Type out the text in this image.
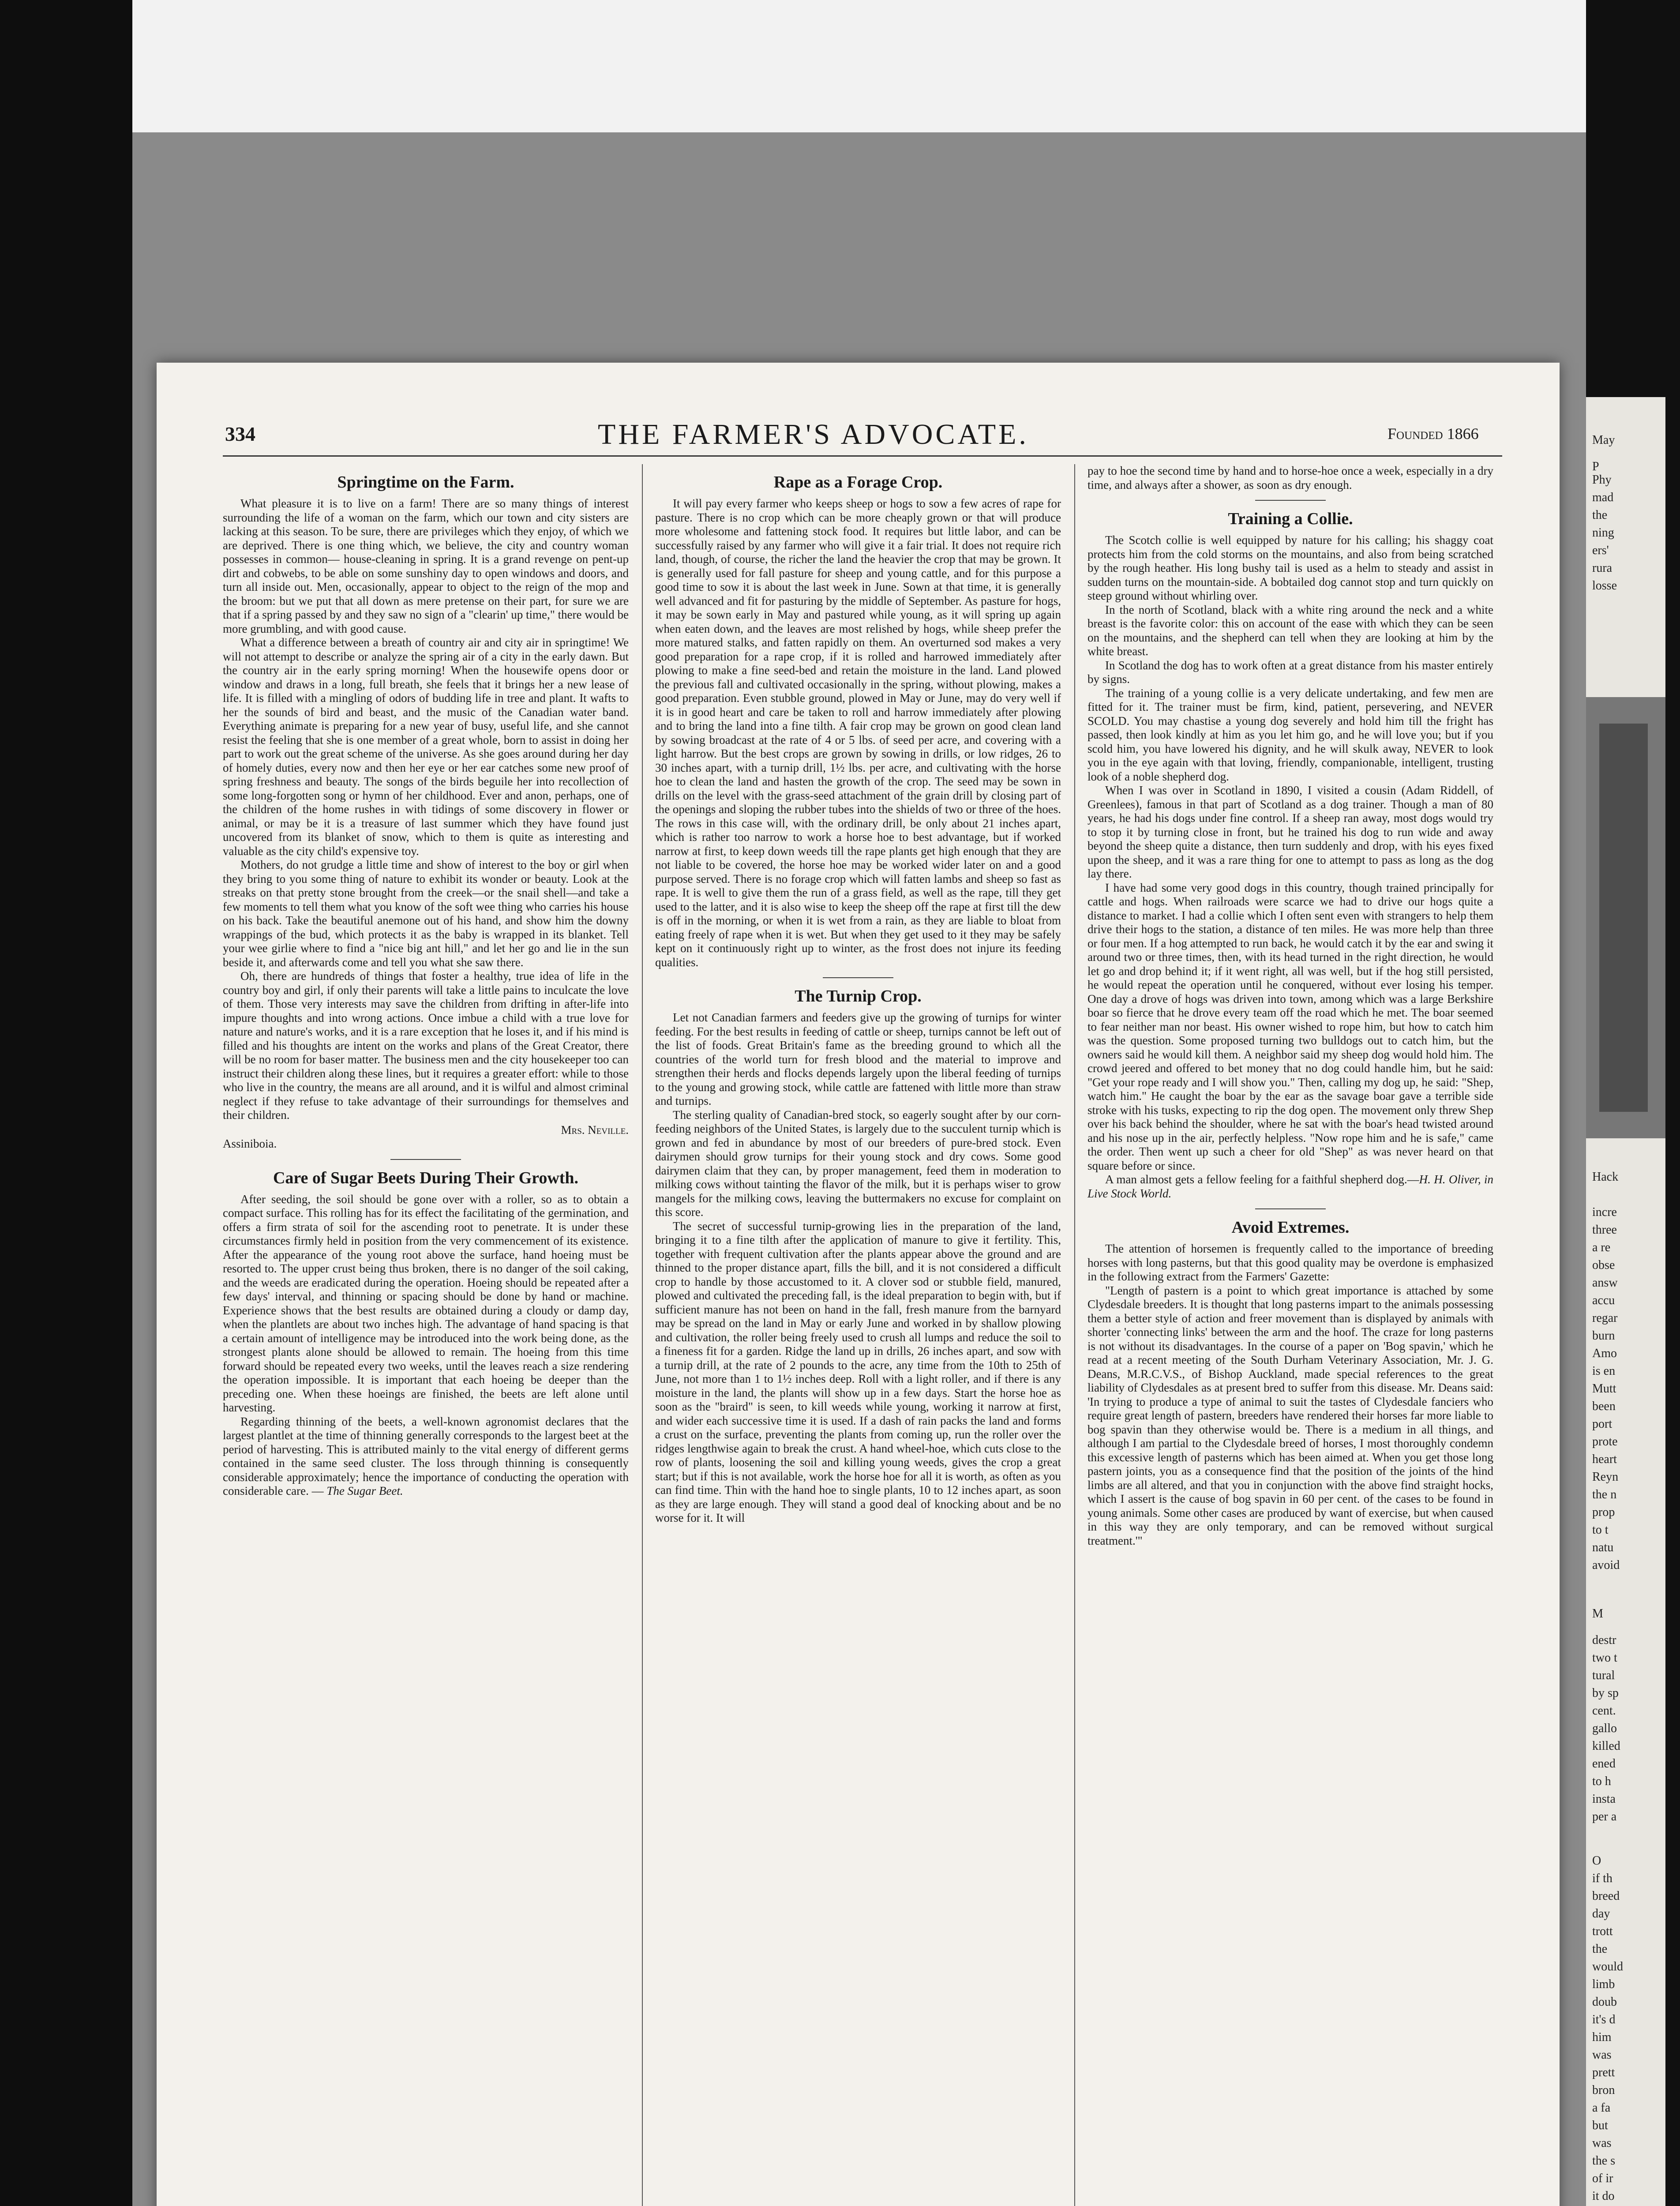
May
P
Phy
mad
the
ning
ers'
rura
losse
Hack
incre
three
a re
obse
answ
accu
regar
burn
Amo
is en
Mutt
been
port
prote
heart
Reyn
the n
prop
to t
natu
avoid
M
destr
two t
tural
by sp
cent.
gallo
killed
ened
to h
insta
per a
O
if th
breed
day
trott
the
would
limb
doub
it's d
him
was
prett
bron
a fa
but
was
the s
of ir
it do
334	THE FARMER'S ADVOCATE.	Founded 1866
Springtime on the Farm.

What pleasure it is to live on a farm! There are so many things of interest surrounding the life of a woman on the farm, which our town and city sisters are lacking at this season. To be sure, there are privileges which they enjoy, of which we are deprived. There is one thing which, we believe, the city and country woman possesses in common— house-cleaning in spring. It is a grand revenge on pent-up dirt and cobwebs, to be able on some sunshiny day to open windows and doors, and turn all inside out. Men, occasionally, appear to object to the reign of the mop and the broom: but we put that all down as mere pretense on their part, for sure we are that if a spring passed by and they saw no sign of a "clearin' up time," there would be more grumbling, and with good cause.

What a difference between a breath of country air and city air in springtime! We will not attempt to describe or analyze the spring air of a city in the early dawn. But the country air in the early spring morning! When the housewife opens door or window and draws in a long, full breath, she feels that it brings her a new lease of life. It is filled with a mingling of odors of budding life in tree and plant. It wafts to her the sounds of bird and beast, and the music of the Canadian water band. Everything animate is preparing for a new year of busy, useful life, and she cannot resist the feeling that she is one member of a great whole, born to assist in doing her part to work out the great scheme of the universe. As she goes around during her day of homely duties, every now and then her eye or her ear catches some new proof of spring freshness and beauty. The songs of the birds beguile her into recollection of some long-forgotten song or hymn of her childhood. Ever and anon, perhaps, one of the children of the home rushes in with tidings of some discovery in flower or animal, or may be it is a treasure of last summer which they have found just uncovered from its blanket of snow, which to them is quite as interesting and valuable as the city child's expensive toy.

Mothers, do not grudge a little time and show of interest to the boy or girl when they bring to you some thing of nature to exhibit its wonder or beauty. Look at the streaks on that pretty stone brought from the creek—or the snail shell—and take a few moments to tell them what you know of the soft wee thing who carries his house on his back. Take the beautiful anemone out of his hand, and show him the downy wrappings of the bud, which protects it as the baby is wrapped in its blanket. Tell your wee girlie where to find a "nice big ant hill," and let her go and lie in the sun beside it, and afterwards come and tell you what she saw there.

Oh, there are hundreds of things that foster a healthy, true idea of life in the country boy and girl, if only their parents will take a little pains to inculcate the love of them. Those very interests may save the children from drifting in after-life into impure thoughts and into wrong actions. Once imbue a child with a true love for nature and nature's works, and it is a rare exception that he loses it, and if his mind is filled and his thoughts are intent on the works and plans of the Great Creator, there will be no room for baser matter. The business men and the city housekeeper too can instruct their children along these lines, but it requires a greater effort: while to those who live in the country, the means are all around, and it is wilful and almost criminal neglect if they refuse to take advantage of their surroundings for themselves and their children.

Mrs. Neville.
Assiniboia.
Care of Sugar Beets During Their Growth.

After seeding, the soil should be gone over with a roller, so as to obtain a compact surface. This rolling has for its effect the facilitating of the germination, and offers a firm strata of soil for the ascending root to penetrate. It is under these circumstances firmly held in position from the very commencement of its existence. After the appearance of the young root above the surface, hand hoeing must be resorted to. The upper crust being thus broken, there is no danger of the soil caking, and the weeds are eradicated during the operation. Hoeing should be repeated after a few days' interval, and thinning or spacing should be done by hand or machine. Experience shows that the best results are obtained during a cloudy or damp day, when the plantlets are about two inches high. The advantage of hand spacing is that a certain amount of intelligence may be introduced into the work being done, as the strongest plants alone should be allowed to remain. The hoeing from this time forward should be repeated every two weeks, until the leaves reach a size rendering the operation impossible. It is important that each hoeing be deeper than the preceding one. When these hoeings are finished, the beets are left alone until harvesting.

Regarding thinning of the beets, a well-known agronomist declares that the largest plantlet at the time of thinning generally corresponds to the largest beet at the period of harvesting. This is attributed mainly to the vital energy of different germs contained in the same seed cluster. The loss through thinning is consequently considerable approximately; hence the importance of conducting the operation with considerable care. — The Sugar Beet.

Rape as a Forage Crop.

It will pay every farmer who keeps sheep or hogs to sow a few acres of rape for pasture. There is no crop which can be more cheaply grown or that will produce more wholesome and fattening stock food. It requires but little labor, and can be successfully raised by any farmer who will give it a fair trial. It does not require rich land, though, of course, the richer the land the heavier the crop that may be grown. It is generally used for fall pasture for sheep and young cattle, and for this purpose a good time to sow it is about the last week in June. Sown at that time, it is generally well advanced and fit for pasturing by the middle of September. As pasture for hogs, it may be sown early in May and pastured while young, as it will spring up again when eaten down, and the leaves are most relished by hogs, while sheep prefer the more matured stalks, and fatten rapidly on them. An overturned sod makes a very good preparation for a rape crop, if it is rolled and harrowed immediately after plowing to make a fine seed-bed and retain the moisture in the land. Land plowed the previous fall and cultivated occasionally in the spring, without plowing, makes a good preparation. Even stubble ground, plowed in May or June, may do very well if it is in good heart and care be taken to roll and harrow immediately after plowing and to bring the land into a fine tilth. A fair crop may be grown on good clean land by sowing broadcast at the rate of 4 or 5 lbs. of seed per acre, and covering with a light harrow. But the best crops are grown by sowing in drills, or low ridges, 26 to 30 inches apart, with a turnip drill, 1½ lbs. per acre, and cultivating with the horse hoe to clean the land and hasten the growth of the crop. The seed may be sown in drills on the level with the grass-seed attachment of the grain drill by closing part of the openings and sloping the rubber tubes into the shields of two or three of the hoes. The rows in this case will, with the ordinary drill, be only about 21 inches apart, which is rather too narrow to work a horse hoe to best advantage, but if worked narrow at first, to keep down weeds till the rape plants get high enough that they are not liable to be covered, the horse hoe may be worked wider later on and a good purpose served. There is no forage crop which will fatten lambs and sheep so fast as rape. It is well to give them the run of a grass field, as well as the rape, till they get used to the latter, and it is also wise to keep the sheep off the rape at first till the dew is off in the morning, or when it is wet from a rain, as they are liable to bloat from eating freely of rape when it is wet. But when they get used to it they may be safely kept on it continuously right up to winter, as the frost does not injure its feeding qualities.

The Turnip Crop.

Let not Canadian farmers and feeders give up the growing of turnips for winter feeding. For the best results in feeding of cattle or sheep, turnips cannot be left out of the list of foods. Great Britain's fame as the breeding ground to which all the countries of the world turn for fresh blood and the material to improve and strengthen their herds and flocks depends largely upon the liberal feeding of turnips to the young and growing stock, while cattle are fattened with little more than straw and turnips.

The sterling quality of Canadian-bred stock, so eagerly sought after by our corn-feeding neighbors of the United States, is largely due to the succulent turnip which is grown and fed in abundance by most of our breeders of pure-bred stock. Even dairymen should grow turnips for their young stock and dry cows. Some good dairymen claim that they can, by proper management, feed them in moderation to milking cows without tainting the flavor of the milk, but it is perhaps wiser to grow mangels for the milking cows, leaving the buttermakers no excuse for complaint on this score.

The secret of successful turnip-growing lies in the preparation of the land, bringing it to a fine tilth after the application of manure to give it fertility. This, together with frequent cultivation after the plants appear above the ground and are thinned to the proper distance apart, fills the bill, and it is not considered a difficult crop to handle by those accustomed to it. A clover sod or stubble field, manured, plowed and cultivated the preceding fall, is the ideal preparation to begin with, but if sufficient manure has not been on hand in the fall, fresh manure from the barnyard may be spread on the land in May or early June and worked in by shallow plowing and cultivation, the roller being freely used to crush all lumps and reduce the soil to a fineness fit for a garden. Ridge the land up in drills, 26 inches apart, and sow with a turnip drill, at the rate of 2 pounds to the acre, any time from the 10th to 25th of June, not more than 1 to 1½ inches deep. Roll with a light roller, and if there is any moisture in the land, the plants will show up in a few days. Start the horse hoe as soon as the "braird" is seen, to kill weeds while young, working it narrow at first, and wider each successive time it is used. If a dash of rain packs the land and forms a crust on the surface, preventing the plants from coming up, run the roller over the ridges lengthwise again to break the crust. A hand wheel-hoe, which cuts close to the row of plants, loosening the soil and killing young weeds, gives the crop a great start; but if this is not available, work the horse hoe for all it is worth, as often as you can find time. Thin with the hand hoe to single plants, 10 to 12 inches apart, as soon as they are large enough. They will stand a good deal of knocking about and be no worse for it. It will

pay to hoe the second time by hand and to horse-hoe once a week, especially in a dry time, and always after a shower, as soon as dry enough.

Training a Collie.

The Scotch collie is well equipped by nature for his calling; his shaggy coat protects him from the cold storms on the mountains, and also from being scratched by the rough heather. His long bushy tail is used as a helm to steady and assist in sudden turns on the mountain-side. A bobtailed dog cannot stop and turn quickly on steep ground without whirling over.

In the north of Scotland, black with a white ring around the neck and a white breast is the favorite color: this on account of the ease with which they can be seen on the mountains, and the shepherd can tell when they are looking at him by the white breast.

In Scotland the dog has to work often at a great distance from his master entirely by signs.

The training of a young collie is a very delicate undertaking, and few men are fitted for it. The trainer must be firm, kind, patient, persevering, and NEVER SCOLD. You may chastise a young dog severely and hold him till the fright has passed, then look kindly at him as you let him go, and he will love you; but if you scold him, you have lowered his dignity, and he will skulk away, NEVER to look you in the eye again with that loving, friendly, companionable, intelligent, trusting look of a noble shepherd dog.

When I was over in Scotland in 1890, I visited a cousin (Adam Riddell, of Greenlees), famous in that part of Scotland as a dog trainer. Though a man of 80 years, he had his dogs under fine control. If a sheep ran away, most dogs would try to stop it by turning close in front, but he trained his dog to run wide and away beyond the sheep quite a distance, then turn suddenly and drop, with his eyes fixed upon the sheep, and it was a rare thing for one to attempt to pass as long as the dog lay there.

I have had some very good dogs in this country, though trained principally for cattle and hogs. When railroads were scarce we had to drive our hogs quite a distance to market. I had a collie which I often sent even with strangers to help them drive their hogs to the station, a distance of ten miles. He was more help than three or four men. If a hog attempted to run back, he would catch it by the ear and swing it around two or three times, then, with its head turned in the right direction, he would let go and drop behind it; if it went right, all was well, but if the hog still persisted, he would repeat the operation until he conquered, without ever losing his temper. One day a drove of hogs was driven into town, among which was a large Berkshire boar so fierce that he drove every team off the road which he met. The boar seemed to fear neither man nor beast. His owner wished to rope him, but how to catch him was the question. Some proposed turning two bulldogs out to catch him, but the owners said he would kill them. A neighbor said my sheep dog would hold him. The crowd jeered and offered to bet money that no dog could handle him, but he said: "Get your rope ready and I will show you." Then, calling my dog up, he said: "Shep, watch him." He caught the boar by the ear as the savage boar gave a terrible side stroke with his tusks, expecting to rip the dog open. The movement only threw Shep over his back behind the shoulder, where he sat with the boar's head twisted around and his nose up in the air, perfectly helpless. "Now rope him and he is safe," came the order. Then went up such a cheer for old "Shep" as was never heard on that square before or since.

A man almost gets a fellow feeling for a faithful shepherd dog.—H. H. Oliver, in Live Stock World.

Avoid Extremes.

The attention of horsemen is frequently called to the importance of breeding horses with long pasterns, but that this good quality may be overdone is emphasized in the following extract from the Farmers' Gazette:

"Length of pastern is a point to which great importance is attached by some Clydesdale breeders. It is thought that long pasterns impart to the animals possessing them a better style of action and freer movement than is displayed by animals with shorter 'connecting links' between the arm and the hoof. The craze for long pasterns is not without its disadvantages. In the course of a paper on 'Bog spavin,' which he read at a recent meeting of the South Durham Veterinary Association, Mr. J. G. Deans, M.R.C.V.S., of Bishop Auckland, made special references to the great liability of Clydesdales as at present bred to suffer from this disease. Mr. Deans said: 'In trying to produce a type of animal to suit the tastes of Clydesdale fanciers who require great length of pastern, breeders have rendered their horses far more liable to bog spavin than they otherwise would be. There is a medium in all things, and although I am partial to the Clydesdale breed of horses, I most thoroughly condemn this excessive length of pasterns which has been aimed at. When you get those long pastern joints, you as a consequence find that the position of the joints of the hind limbs are all altered, and that you in conjunction with the above find straight hocks, which I assert is the cause of bog spavin in 60 per cent. of the cases to be found in young animals. Some other cases are produced by want of exercise, but when caused in this way they are only temporary, and can be removed without surgical treatment.'"
